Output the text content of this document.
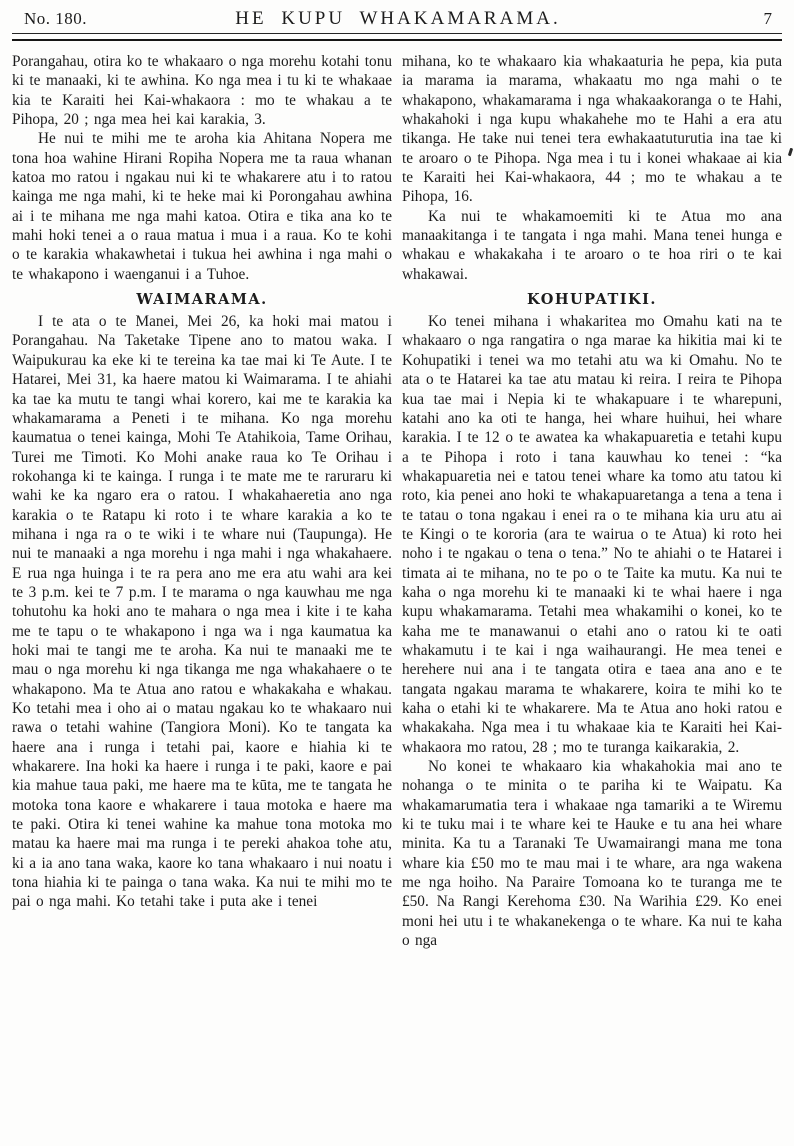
No. 180.	HE KUPU WHAKAMARAMA.	7

Porangahau, otira ko te whakaaro o nga morehu kotahi tonu ki te manaaki, ki te awhina. Ko nga mea i tu ki te whakaae kia te Karaiti hei Kai-whakaora : mo te whakau a te Pihopa, 20 ; nga mea hei kai karakia, 3.

He nui te mihi me te aroha kia Ahitana Nopera me tona hoa wahine Hirani Ropiha Nopera me ta raua whanan katoa mo ratou i ngakau nui ki te whakarere atu i to ratou kainga me nga mahi, ki te heke mai ki Porongahau awhina ai i te mihana me nga mahi katoa. Otira e tika ana ko te mahi hoki tenei a o raua matua i mua i a raua. Ko te kohi o te karakia whakawhetai i tukua hei awhina i nga mahi o te whakapono i waenganui i a Tuhoe.

WAIMARAMA.

I te ata o te Manei, Mei 26, ka hoki mai matou i Porangahau. Na Taketake Tipene ano to matou waka. I Waipukurau ka eke ki te tereina ka tae mai ki Te Aute. I te Hatarei, Mei 31, ka haere matou ki Waimarama. I te ahiahi ka tae ka mutu te tangi whai korero, kai me te karakia ka whakamarama a Peneti i te mihana. Ko nga morehu kaumatua o tenei kainga, Mohi Te Atahikoia, Tame Orihau, Turei me Timoti. Ko Mohi anake raua ko Te Orihau i rokohanga ki te kainga. I runga i te mate me te raruraru ki wahi ke ka ngaro era o ratou. I whakahaeretia ano nga karakia o te Ratapu ki roto i te whare karakia a ko te mihana i nga ra o te wiki i te whare nui (Taupunga). He nui te manaaki a nga morehu i nga mahi i nga whakahaere. E rua nga huinga i te ra pera ano me era atu wahi ara kei te 3 p.m. kei te 7 p.m. I te marama o nga kauwhau me nga tohutohu ka hoki ano te mahara o nga mea i kite i te kaha me te tapu o te whakapono i nga wa i nga kaumatua ka hoki mai te tangi me te aroha. Ka nui te manaaki me te mau o nga morehu ki nga tikanga me nga whakahaere o te whakapono. Ma te Atua ano ratou e whakakaha e whakau. Ko tetahi mea i oho ai o matau ngakau ko te whakaaro nui rawa o tetahi wahine (Tangiora Moni). Ko te tangata ka haere ana i runga i tetahi pai, kaore e hiahia ki te whakarere. Ina hoki ka haere i runga i te paki, kaore e pai kia mahue taua paki, me haere ma te kūta, me te tangata he motoka tona kaore e whakarere i taua motoka e haere ma te paki. Otira ki tenei wahine ka mahue tona motoka mo matau ka haere mai ma runga i te pereki ahakoa tohe atu, ki a ia ano tana waka, kaore ko tana whakaaro i nui noatu i tona hiahia ki te painga o tana waka. Ka nui te mihi mo te pai o nga mahi. Ko tetahi take i puta ake i tenei

mihana, ko te whakaaro kia whakaaturia he pepa, kia puta ia marama ia marama, whakaatu mo nga mahi o te whakapono, whakamarama i nga whakaakoranga o te Hahi, whakahoki i nga kupu whakahehe mo te Hahi a era atu tikanga. He take nui tenei tera ewhakaatuturutia ina tae ki te aroaro o te Pihopa. Nga mea i tu i konei whakaae ai kia te Karaiti hei Kai-whakaora, 44 ; mo te whakau a te Pihopa, 16.

Ka nui te whakamoemiti ki te Atua mo ana manaakitanga i te tangata i nga mahi. Mana tenei hunga e whakau e whakakaha i te aroaro o te hoa riri o te kai whakawai.

KOHUPATIKI.

Ko tenei mihana i whakaritea mo Omahu kati na te whakaaro o nga rangatira o nga marae ka hikitia mai ki te Kohupatiki i tenei wa mo tetahi atu wa ki Omahu. No te ata o te Hatarei ka tae atu matau ki reira. I reira te Pihopa kua tae mai i Nepia ki te whakapuare i te wharepuni, katahi ano ka oti te hanga, hei whare huihui, hei whare karakia. I te 12 o te awatea ka whakapuaretia e tetahi kupu a te Pihopa i roto i tana kauwhau ko tenei : “ka whakapuaretia nei e tatou tenei whare ka tomo atu tatou ki roto, kia penei ano hoki te whakapuaretanga a tena a tena i te tatau o tona ngakau i enei ra o te mihana kia uru atu ai te Kingi o te kororia (ara te wairua o te Atua) ki roto hei noho i te ngakau o tena o tena.” No te ahiahi o te Hatarei i timata ai te mihana, no te po o te Taite ka mutu. Ka nui te kaha o nga morehu ki te manaaki ki te whai haere i nga kupu whakamarama. Tetahi mea whakamihi o konei, ko te kaha me te manawanui o etahi ano o ratou ki te oati whakamutu i te kai i nga waihaurangi. He mea tenei e herehere nui ana i te tangata otira e taea ana ano e te tangata ngakau marama te whakarere, koira te mihi ko te kaha o etahi ki te whakarere. Ma te Atua ano hoki ratou e whakakaha. Nga mea i tu whakaae kia te Karaiti hei Kai-whakaora mo ratou, 28 ; mo te turanga kaikarakia, 2.

No konei te whakaaro kia whakahokia mai ano te nohanga o te minita o te pariha ki te Waipatu. Ka whakamarumatia tera i whakaae nga tamariki a te Wiremu ki te tuku mai i te whare kei te Hauke e tu ana hei whare minita. Ka tu a Taranaki Te Uwamairangi mana me tona whare kia £50 mo te mau mai i te whare, ara nga wakena me nga hoiho. Na Paraire Tomoana ko te turanga me te £50. Na Rangi Kerehoma £30. Na Warihia £29. Ko enei moni hei utu i te whakanekenga o te whare. Ka nui te kaha o nga
